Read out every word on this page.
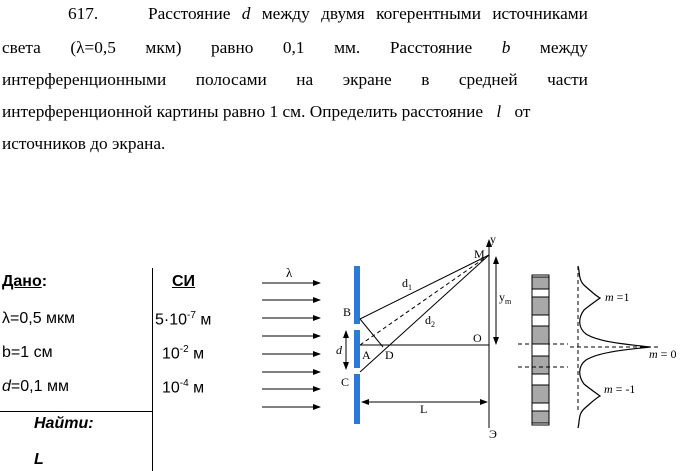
617.	Расстояние d между двумя когерентными источниками
света (λ=0,5 мкм) равно 0,1 мм. Расстояние b между
интерференционными полосами на экране в средней части
интерференционной картины равно 1 см. Определить расстояние l от
источников до экрана.
Дано:	СИ
λ=0,5 мкм	$5\cdot 10^{-7}$ м
b=1 см	$10^{-2}$ м
d=0,1 мм	$10^{-4}$ м
Найти:
L
λ
B
A
C
D
d
$d_1$
$d_2$
y
M
O
$y_m$
L
Э
m =1
m = 0
m = -1
